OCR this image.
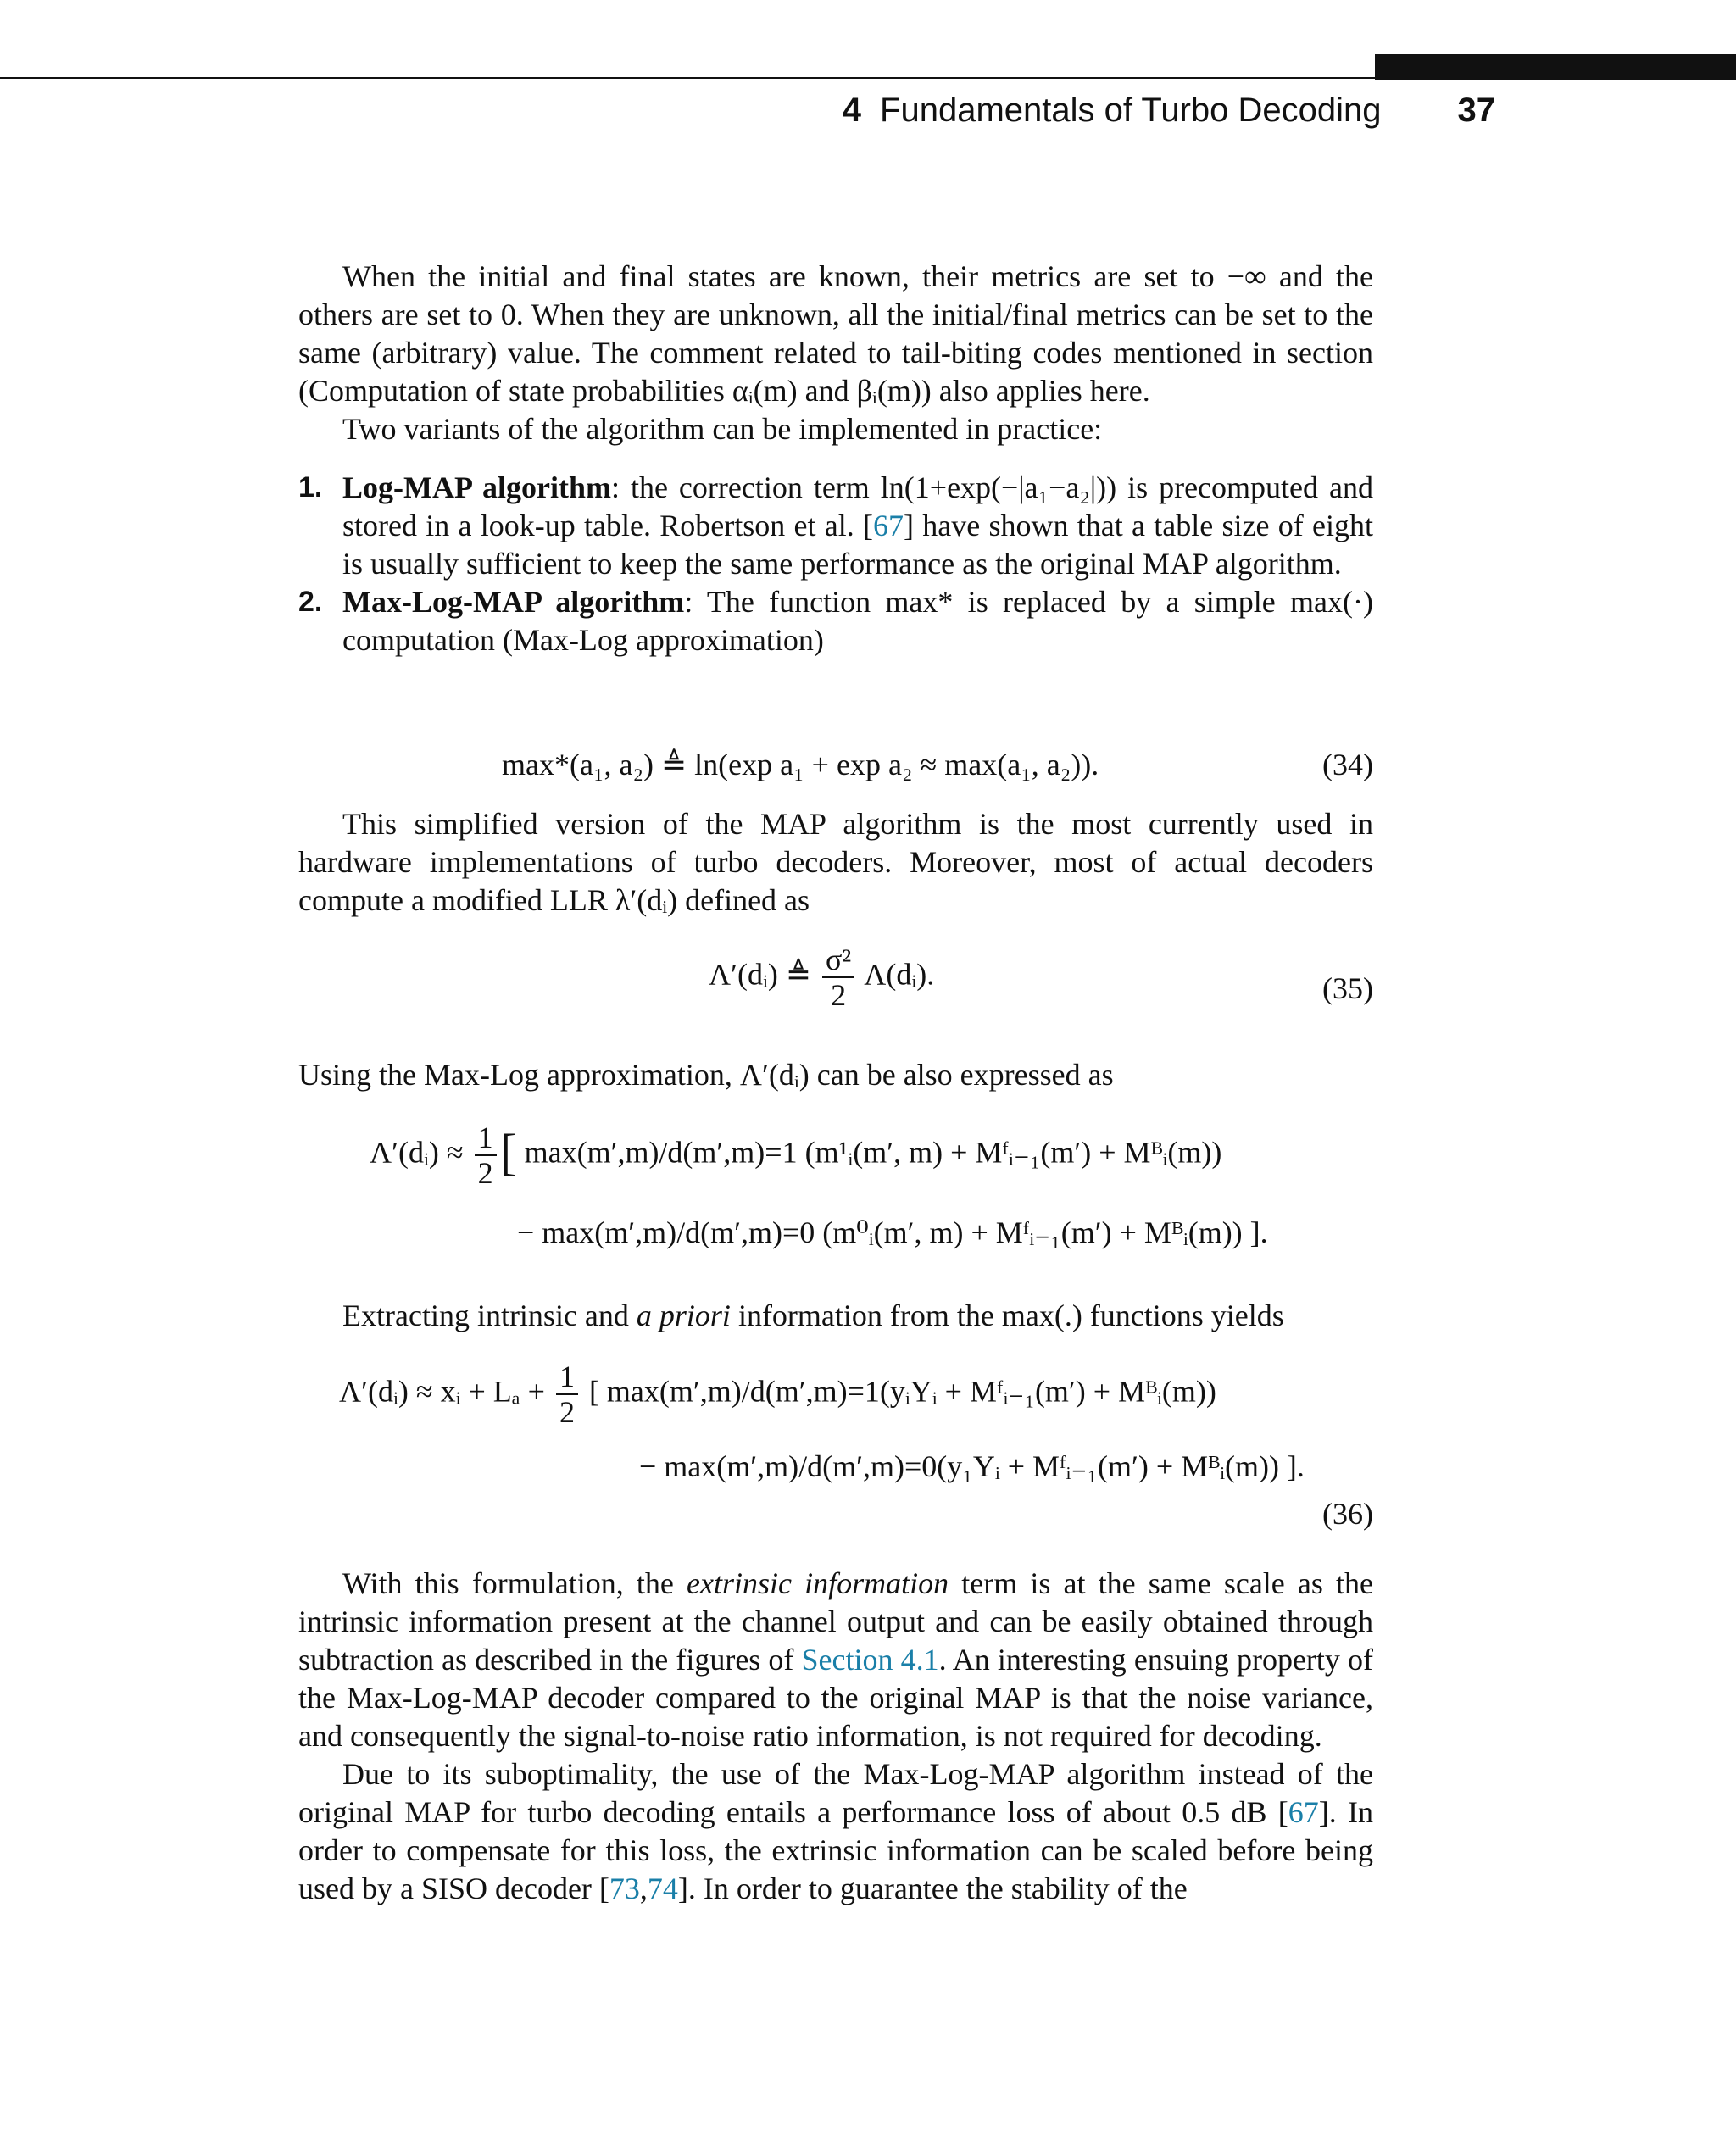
4 Fundamentals of Turbo Decoding 37

When the initial and final states are known, their metrics are set to −∞ and the others are set to 0. When they are unknown, all the initial/final metrics can be set to the same (arbitrary) value. The comment related to tail-biting codes mentioned in section (Computation of state probabilities αᵢ(m) and βᵢ(m)) also applies here.

Two variants of the algorithm can be implemented in practice:

1. Log-MAP algorithm: the correction term ln(1+exp(−|a₁−a₂|)) is precomputed and stored in a look-up table. Robertson et al. [67] have shown that a table size of eight is usually sufficient to keep the same performance as the original MAP algorithm.
2. Max-Log-MAP algorithm: The function max* is replaced by a simple max(·) computation (Max-Log approximation)
max*(a₁, a₂) ≜ ln(exp a₁ + exp a₂ ≈ max(a₁, a₂)).	(34)

This simplified version of the MAP algorithm is the most currently used in hardware implementations of turbo decoders. Moreover, most of actual decoders compute a modified LLR λ′(dᵢ) defined as

Λ′(dᵢ) ≜ $\frac{\text{σ²}}{2}$ Λ(dᵢ).	(35)

Using the Max-Log approximation, Λ′(dᵢ) can be also expressed as

Λ′(dᵢ) ≈ $\frac{1}{2}$ [ max(m′,m)/d(m′,m)=1 (m¹ᵢ(m′, m) + Mᶠᵢ₋₁(m′) + Mᴮᵢ(m))
− max(m′,m)/d(m′,m)=0 (m⁰ᵢ(m′, m) + Mᶠᵢ₋₁(m′) + Mᴮᵢ(m)) ].

Extracting intrinsic and a priori information from the max(.) functions yields

Λ′(dᵢ) ≈ xᵢ + $L_a + \frac{1}{2}$ [ max(m′,m)/d(m′,m)=1(yᵢYᵢ + Mᶠᵢ₋₁(m′) + Mᴮᵢ(m))
− max(m′,m)/d(m′,m)=0(y₁Yᵢ + Mᶠᵢ₋₁(m′) + Mᴮᵢ(m)) ].
(36)

With this formulation, the extrinsic information term is at the same scale as the intrinsic information present at the channel output and can be easily obtained through subtraction as described in the figures of Section 4.1. An interesting ensuing property of the Max-Log-MAP decoder compared to the original MAP is that the noise variance, and consequently the signal-to-noise ratio information, is not required for decoding.

Due to its suboptimality, the use of the Max-Log-MAP algorithm instead of the original MAP for turbo decoding entails a performance loss of about 0.5 dB [67]. In order to compensate for this loss, the extrinsic information can be scaled before being used by a SISO decoder [73,74]. In order to guarantee the stability of the
